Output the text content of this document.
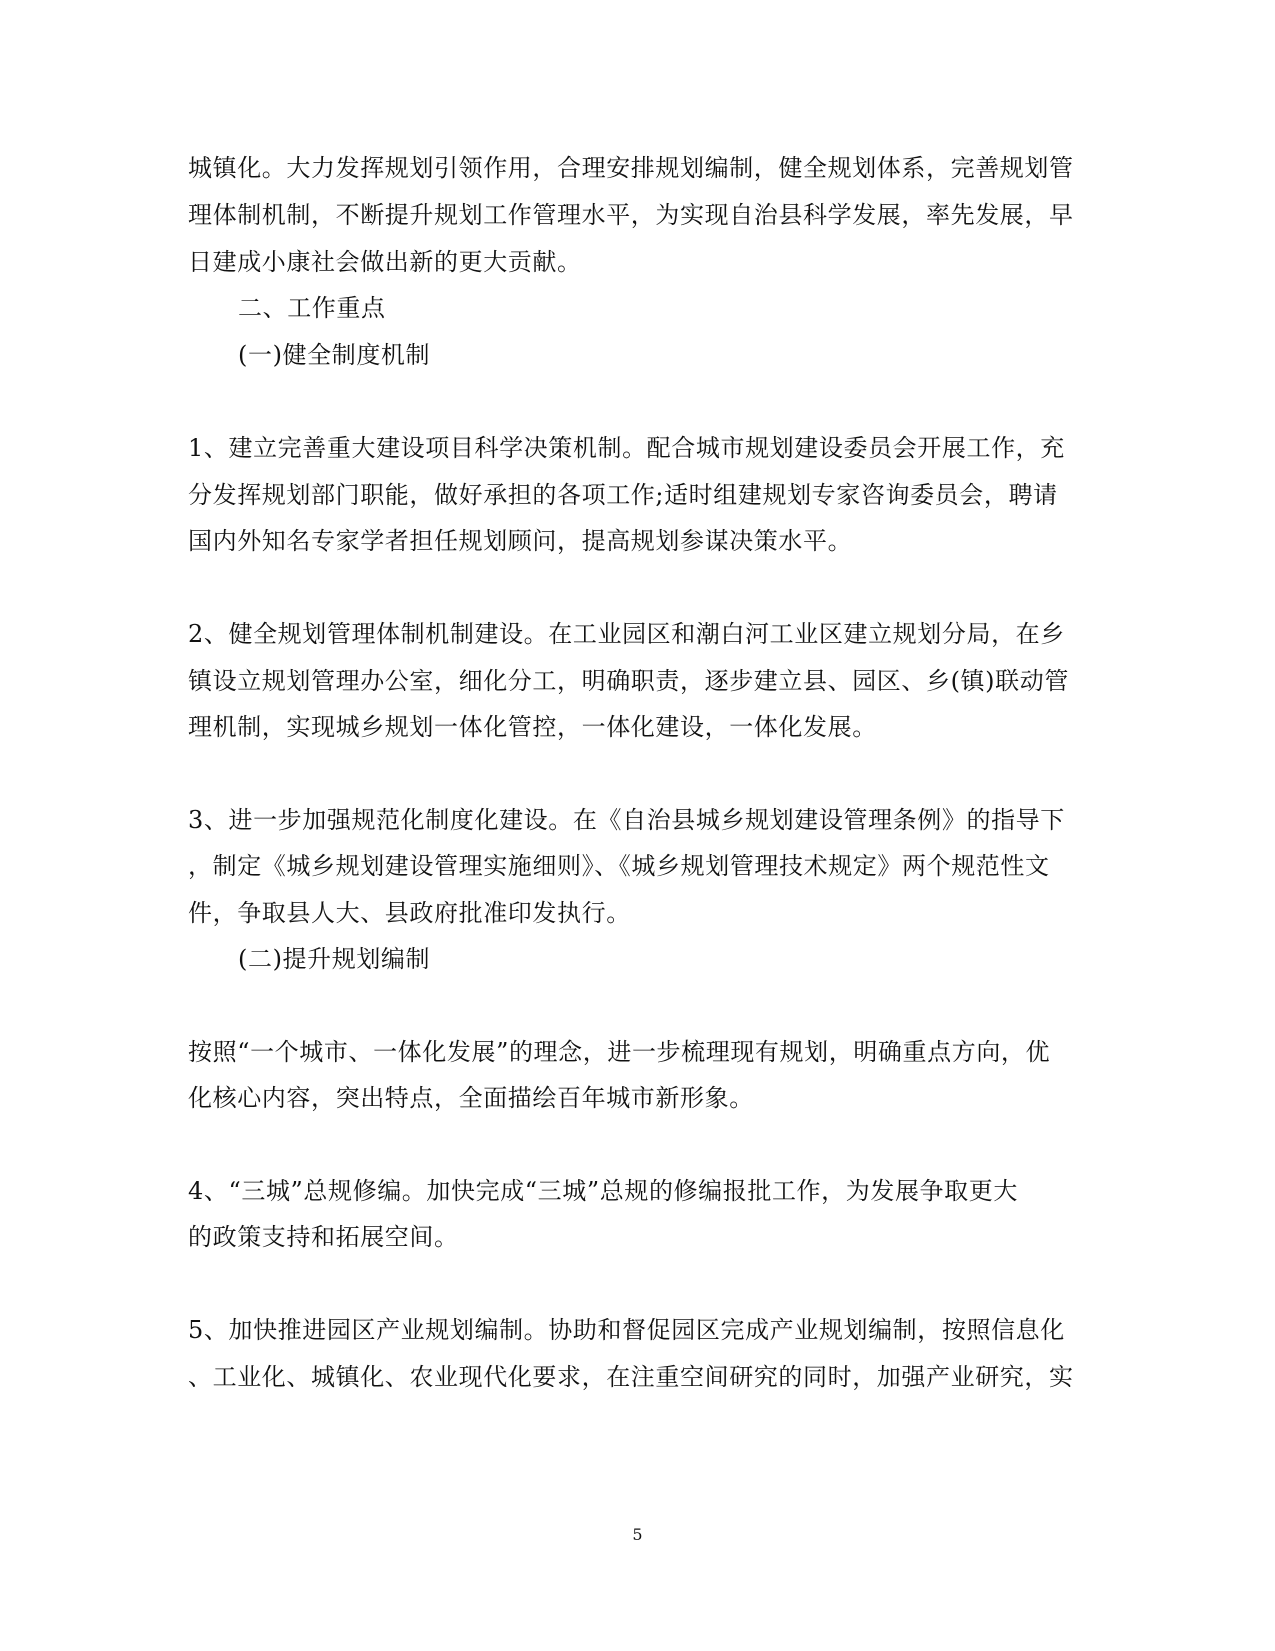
城镇化。大力发挥规划引领作用，合理安排规划编制，健全规划体系，完善规划管
理体制机制，不断提升规划工作管理水平，为实现自治县科学发展，率先发展，早
日建成小康社会做出新的更大贡献。
二、工作重点
(一)健全制度机制
1、建立完善重大建设项目科学决策机制。配合城市规划建设委员会开展工作，充
分发挥规划部门职能，做好承担的各项工作;适时组建规划专家咨询委员会，聘请
国内外知名专家学者担任规划顾问，提高规划参谋决策水平。
2、健全规划管理体制机制建设。在工业园区和潮白河工业区建立规划分局，在乡
镇设立规划管理办公室，细化分工，明确职责，逐步建立县、园区、乡(镇)联动管
理机制，实现城乡规划一体化管控，一体化建设，一体化发展。
3、进一步加强规范化制度化建设。在《自治县城乡规划建设管理条例》的指导下
，制定《城乡规划建设管理实施细则》、《城乡规划管理技术规定》两个规范性文
件，争取县人大、县政府批准印发执行。
(二)提升规划编制
按照“一个城市、一体化发展”的理念，进一步梳理现有规划，明确重点方向，优
化核心内容，突出特点，全面描绘百年城市新形象。
4、“三城”总规修编。加快完成“三城”总规的修编报批工作，为发展争取更大
的政策支持和拓展空间。
5、加快推进园区产业规划编制。协助和督促园区完成产业规划编制，按照信息化
、工业化、城镇化、农业现代化要求，在注重空间研究的同时，加强产业研究，实
5
